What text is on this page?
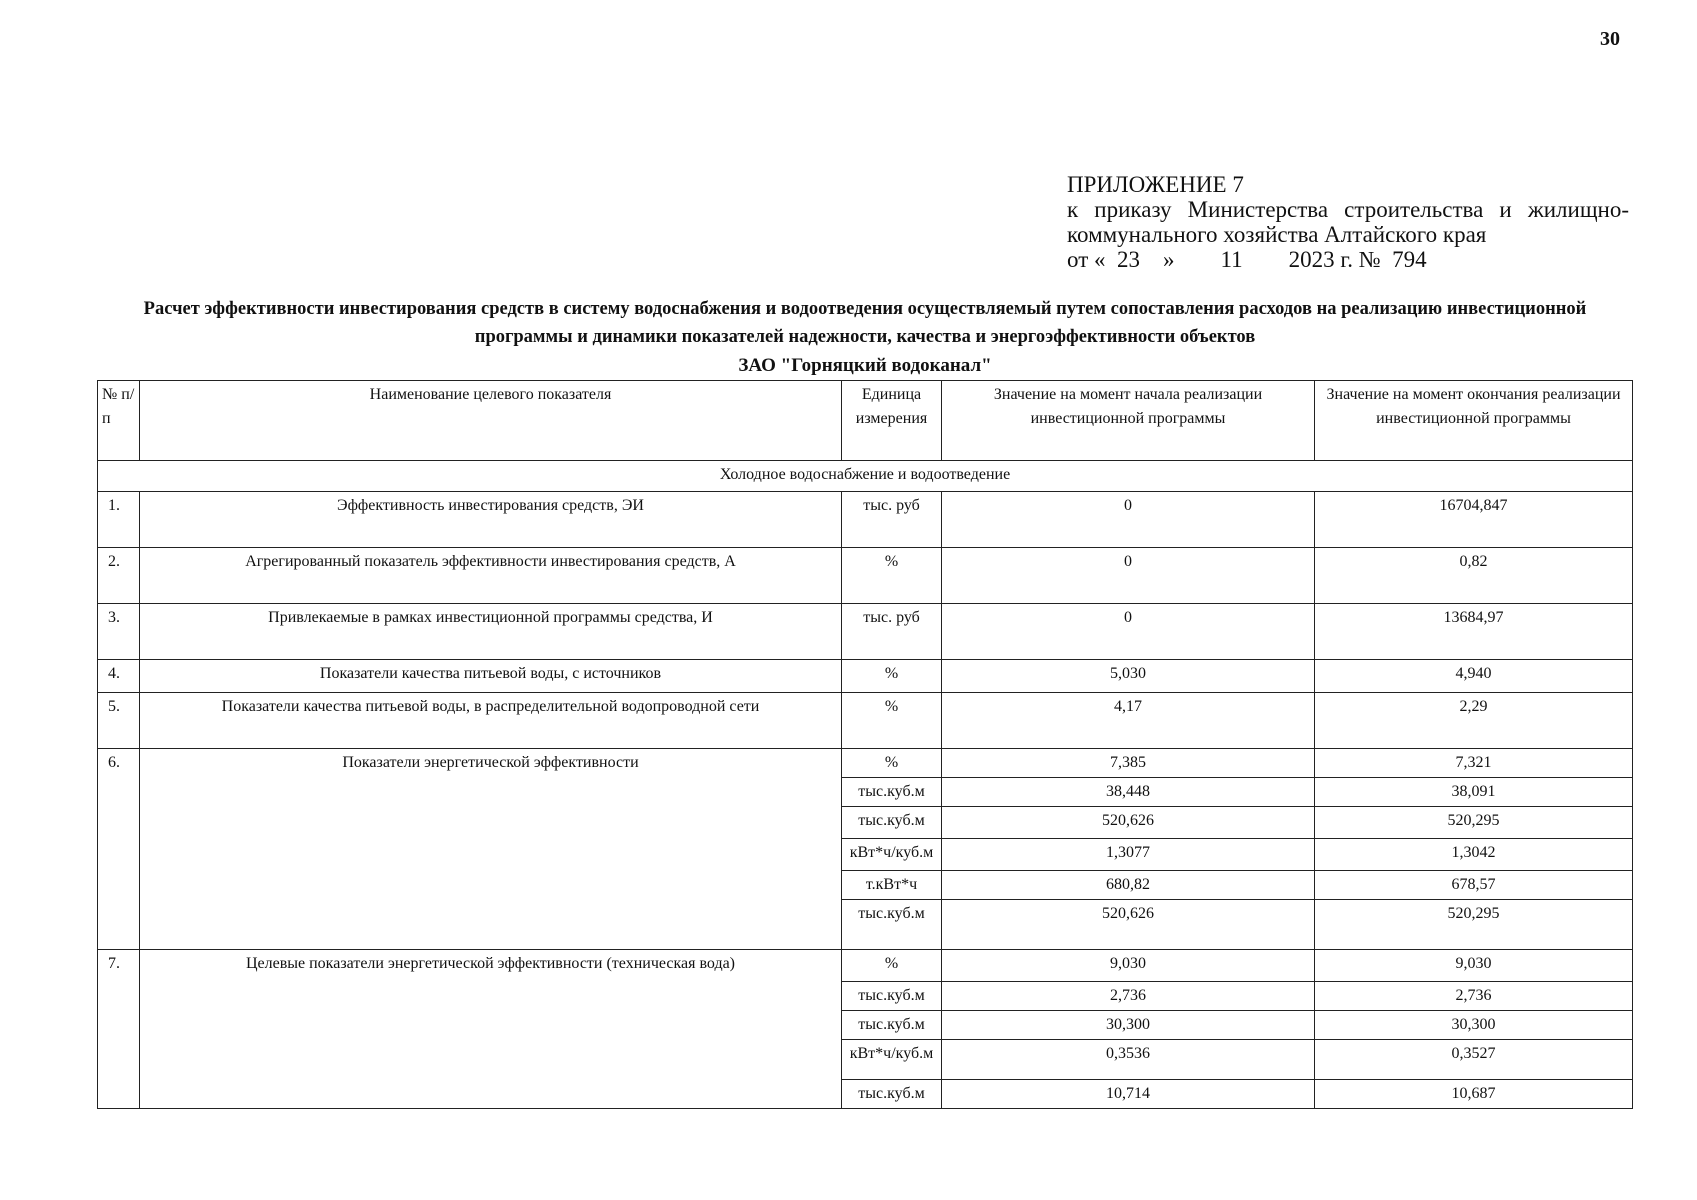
30
ПРИЛОЖЕНИЕ 7
к приказу Министерства строительства и жилищно-
коммунального хозяйства Алтайского края
от «  23    »        11        2023 г. №  794
Расчет эффективности инвестирования средств в систему водоснабжения и водоотведения осуществляемый путем сопоставления расходов на реализацию инвестиционной программы и динамики показателей надежности, качества и энергоэффективности объектов
ЗАО "Горняцкий водоканал"
№ п/п	Наименование целевого показателя	Единица измерения	Значение на момент начала реализации инвестиционной программы	Значение на момент окончания реализации инвестиционной программы
Холодное водоснабжение и водоотведение				
1.	Эффективность инвестирования средств, ЭИ	тыс. руб	0	16704,847
2.	Агрегированный показатель эффективности инвестирования средств, А	%	0	0,82
3.	Привлекаемые в рамках инвестиционной программы средства, И	тыс. руб	0	13684,97
4.	Показатели качества питьевой воды, с источников	%	5,030	4,940
5.	Показатели качества питьевой воды, в распределительной водопроводной сети	%	4,17	2,29
6.	Показатели энергетической эффективности	%	7,385	7,321
		тыс.куб.м	38,448	38,091
		тыс.куб.м	520,626	520,295
		кВт*ч/куб.м	1,3077	1,3042
		т.кВт*ч	680,82	678,57
		тыс.куб.м	520,626	520,295
7.	Целевые показатели энергетической эффективности (техническая вода)	%	9,030	9,030
		тыс.куб.м	2,736	2,736
		тыс.куб.м	30,300	30,300
		кВт*ч/куб.м	0,3536	0,3527
		тыс.куб.м	10,714	10,687
